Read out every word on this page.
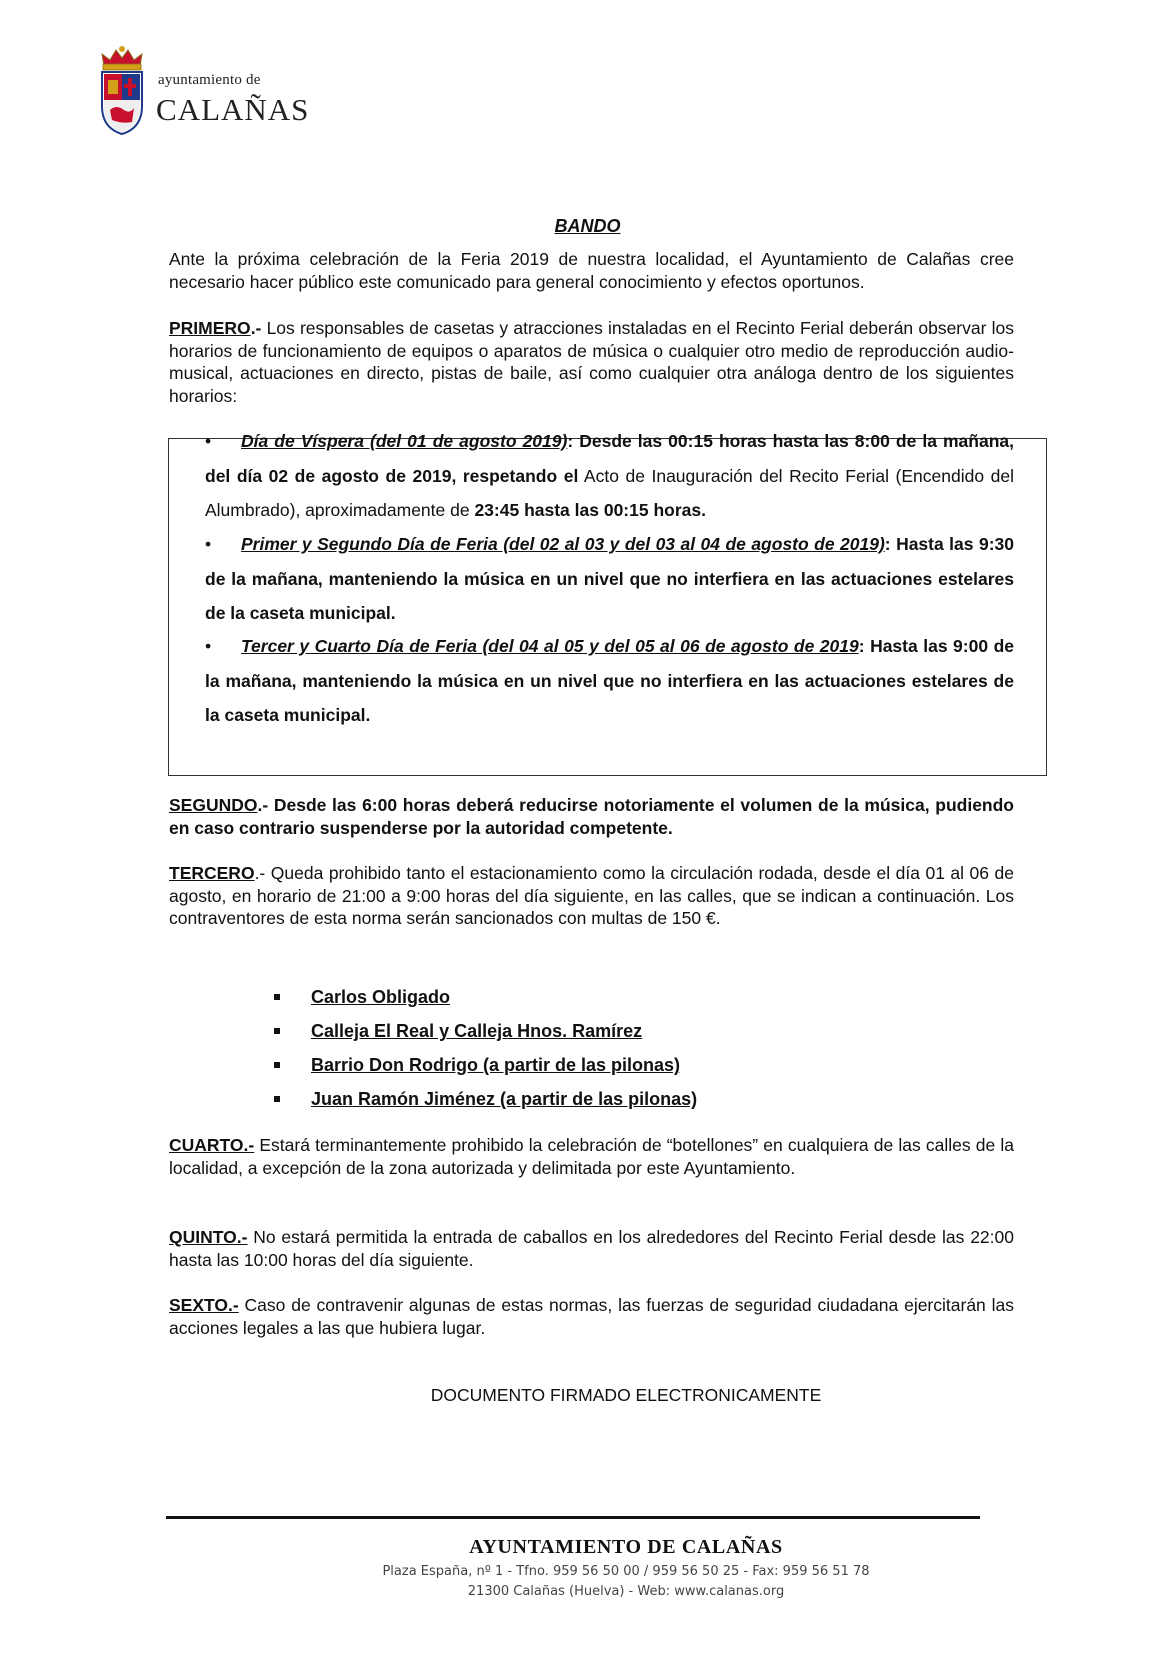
ayuntamiento de
CALAÑAS
BANDO

Ante la próxima celebración de la Feria 2019 de nuestra localidad, el Ayuntamiento de Calañas cree necesario hacer público este comunicado para general conocimiento y efectos oportunos.

PRIMERO.- Los responsables de casetas y atracciones instaladas en el Recinto Ferial deberán observar los horarios de funcionamiento de equipos o aparatos de música o cualquier otro medio de reproducción audio-musical, actuaciones en directo, pistas de baile, así como cualquier otra análoga dentro de los siguientes horarios:

• Día de Víspera (del 01 de agosto 2019): Desde las 00:15 horas hasta las 8:00 de la mañana, del día 02 de agosto de 2019, respetando el Acto de Inauguración del Recito Ferial (Encendido del Alumbrado), aproximadamente de 23:45 hasta las 00:15 horas.

• Primer y Segundo Día de Feria (del 02 al 03 y del 03 al 04 de agosto de 2019): Hasta las 9:30 de la mañana, manteniendo la música en un nivel que no interfiera en las actuaciones estelares de la caseta municipal.

• Tercer y Cuarto Día de Feria (del 04 al 05 y del 05 al 06 de agosto de 2019: Hasta las 9:00 de la mañana, manteniendo la música en un nivel que no interfiera en las actuaciones estelares de la caseta municipal.

SEGUNDO.- Desde las 6:00 horas deberá reducirse notoriamente el volumen de la música, pudiendo en caso contrario suspenderse por la autoridad competente.

TERCERO.- Queda prohibido tanto el estacionamiento como la circulación rodada, desde el día 01 al 06 de agosto, en horario de 21:00 a 9:00 horas del día siguiente, en las calles, que se indican a continuación. Los contraventores de esta norma serán sancionados con multas de 150 €.

Carlos Obligado
Calleja El Real y Calleja Hnos. Ramírez
Barrio Don Rodrigo (a partir de las pilonas)
Juan Ramón Jiménez (a partir de las pilonas)

CUARTO.- Estará terminantemente prohibido la celebración de “botellones” en cualquiera de las calles de la localidad, a excepción de la zona autorizada y delimitada por este Ayuntamiento.

QUINTO.- No estará permitida la entrada de caballos en los alrededores del Recinto Ferial desde las 22:00 hasta las 10:00 horas del día siguiente.

SEXTO.- Caso de contravenir algunas de estas normas, las fuerzas de seguridad ciudadana ejercitarán las acciones legales a las que hubiera lugar.

DOCUMENTO FIRMADO ELECTRONICAMENTE
AYUNTAMIENTO DE CALAÑAS
Plaza España, nº 1 - Tfno. 959 56 50 00 / 959 56 50 25 - Fax: 959 56 51 78
21300 Calañas (Huelva) - Web: www.calanas.org
